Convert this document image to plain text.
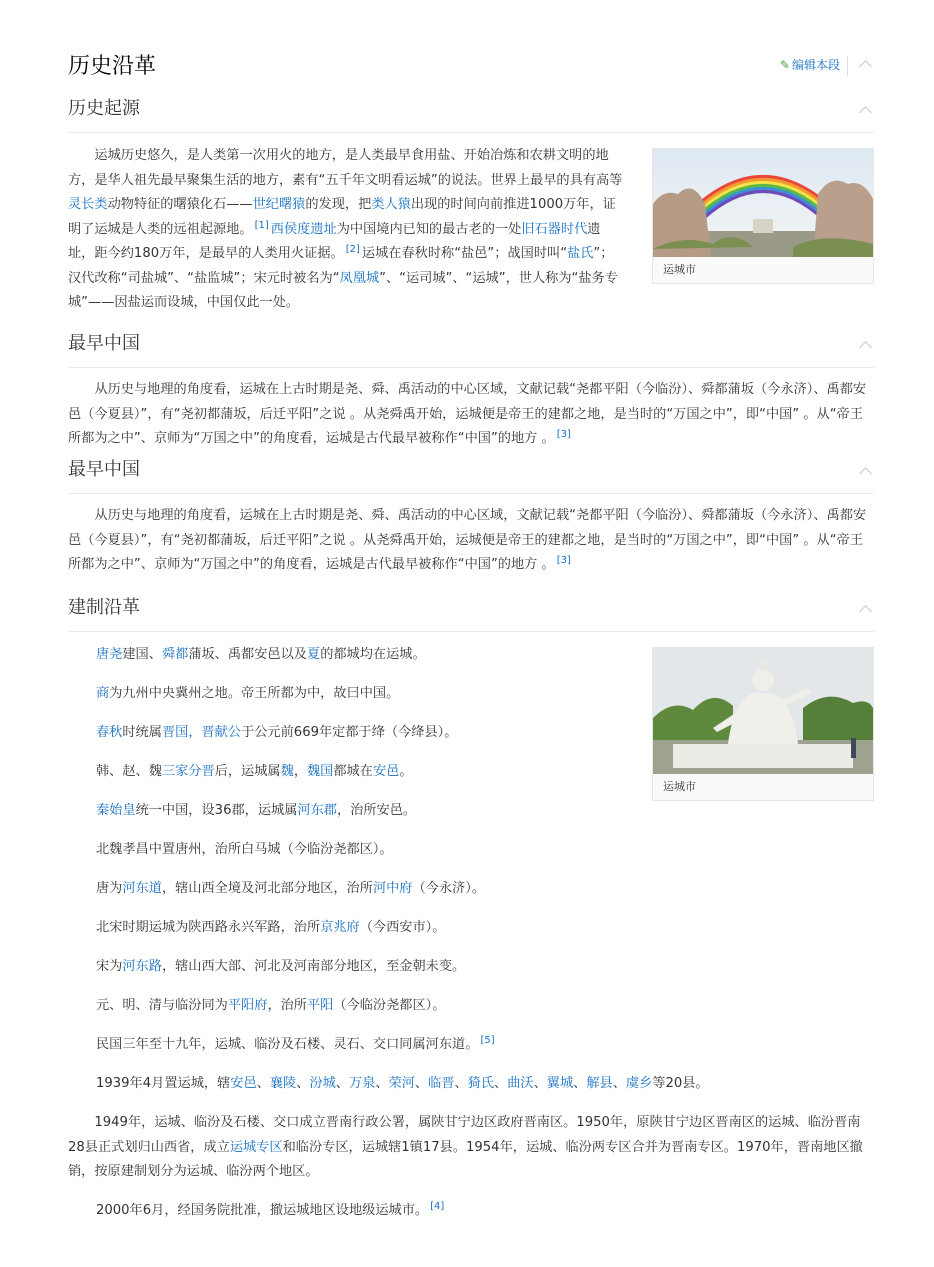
历史沿革	✎ 编辑本段
历史起源

运城历史悠久，是人类第一次用火的地方，是人类最早食用盐、开始冶炼和农耕文明的地方，是华人祖先最早聚集生活的地方，素有“五千年文明看运城”的说法。世界上最早的具有高等灵长类动物特征的曙猿化石——世纪曙猿的发现，把类人猿出现的时间向前推进1000万年，证明了运城是人类的远祖起源地。 [1] 西侯度遗址为中国境内已知的最古老的一处旧石器时代遗址，距今约180万年，是最早的人类用火证据。 [2] 运城在春秋时称“盐邑”；战国时叫“盐氏”；汉代改称“司盐城”、“盐监城”；宋元时被名为“凤凰城”、“运司城”、“运城”，世人称为“盐务专城”——因盐运而设城，中国仅此一处。

运城市
最早中国

从历史与地理的角度看，运城在上古时期是尧、舜、禹活动的中心区域，文献记载“尧都平阳（今临汾）、舜都蒲坂（今永济）、禹都安邑（今夏县）”，有“尧初都蒲坂，后迁平阳”之说 。从尧舜禹开始，运城便是帝王的建都之地，是当时的“万国之中”，即“中国” 。从“帝王所都为之中”、京师为“万国之中”的角度看，运城是古代最早被称作“中国”的地方 。 [3]

最早中国

从历史与地理的角度看，运城在上古时期是尧、舜、禹活动的中心区域，文献记载“尧都平阳（今临汾）、舜都蒲坂（今永济）、禹都安邑（今夏县）”，有“尧初都蒲坂，后迁平阳”之说 。从尧舜禹开始，运城便是帝王的建都之地，是当时的“万国之中”，即“中国” 。从“帝王所都为之中”、京师为“万国之中”的角度看，运城是古代最早被称作“中国”的地方 。 [3]

建制沿革
运城市
唐尧建国、舜都蒲坂、禹都安邑以及夏的都城均在运城。
商为九州中央冀州之地。帝王所都为中，故曰中国。
春秋时统属晋国，晋献公于公元前669年定都于绛（今绛县）。
韩、赵、魏三家分晋后，运城属魏，魏国都城在安邑。
秦始皇统一中国，设36郡，运城属河东郡，治所安邑。
北魏孝昌中置唐州，治所白马城（今临汾尧都区）。
唐为河东道，辖山西全境及河北部分地区，治所河中府（今永济）。
北宋时期运城为陕西路永兴军路，治所京兆府（今西安市）。
宋为河东路，辖山西大部、河北及河南部分地区，至金朝未变。
元、明、清与临汾同为平阳府，治所平阳（今临汾尧都区）。
民国三年至十九年，运城、临汾及石楼、灵石、交口同属河东道。 [5]
1939年4月置运城，辖安邑、襄陵、汾城、万泉、荣河、临晋、猗氏、曲沃、翼城、解县、虞乡等20县。

1949年，运城、临汾及石楼、交口成立晋南行政公署，属陕甘宁边区政府晋南区。1950年，原陕甘宁边区晋南区的运城、临汾晋南28县正式划归山西省，成立运城专区和临汾专区，运城辖1镇17县。1954年，运城、临汾两专区合并为晋南专区。1970年，晋南地区撤销，按原建制划分为运城、临汾两个地区。

2000年6月，经国务院批准，撤运城地区设地级运城市。 [4]
